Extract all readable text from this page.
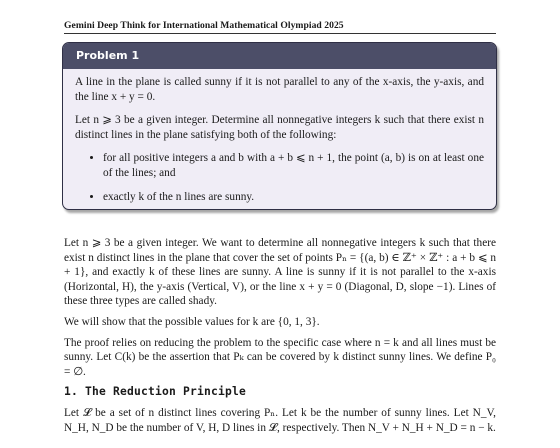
Gemini Deep Think for International Mathematical Olympiad 2025
Problem 1

A line in the plane is called sunny if it is not parallel to any of the x-axis, the y-axis, and the line x + y = 0.

Let n ⩾ 3 be a given integer. Determine all nonnegative integers k such that there exist n distinct lines in the plane satisfying both of the following:

• for all positive integers a and b with a + b ⩽ n + 1, the point (a, b) is on at least one of the lines; and
• exactly k of the n lines are sunny.

Let n ⩾ 3 be a given integer. We want to determine all nonnegative integers k such that there exist n distinct lines in the plane that cover the set of points Pₙ = {(a, b) ∈ ℤ⁺ × ℤ⁺ : a + b ⩽ n + 1}, and exactly k of these lines are sunny. A line is sunny if it is not parallel to the x-axis (Horizontal, H), the y-axis (Vertical, V), or the line x + y = 0 (Diagonal, D, slope −1). Lines of these three types are called shady.

We will show that the possible values for k are {0, 1, 3}.

The proof relies on reducing the problem to the specific case where n = k and all lines must be sunny. Let C(k) be the assertion that Pₖ can be covered by k distinct sunny lines. We define P₀ = ∅.

1. The Reduction Principle

Let 𝓛 be a set of n distinct lines covering Pₙ. Let k be the number of sunny lines. Let N_V, N_H, N_D be the number of V, H, D lines in 𝓛, respectively. Then N_V + N_H + N_D = n − k.
